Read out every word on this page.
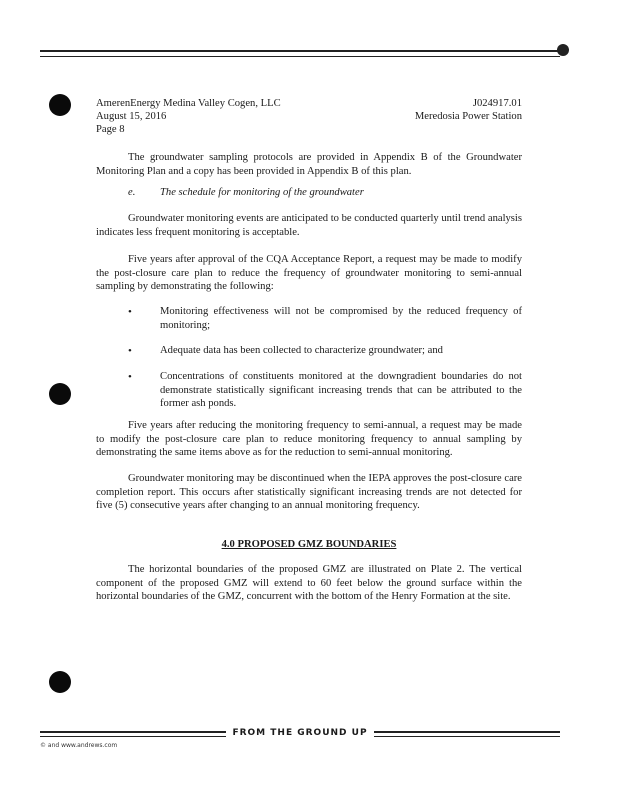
AmerenEnergy Medina Valley Cogen, LLC
August 15, 2016
Page 8
J024917.01
Meredosia Power Station
The groundwater sampling protocols are provided in Appendix B of the Groundwater Monitoring Plan and a copy has been provided in Appendix B of this plan.
e. The schedule for monitoring of the groundwater
Groundwater monitoring events are anticipated to be conducted quarterly until trend analysis indicates less frequent monitoring is acceptable.
Five years after approval of the CQA Acceptance Report, a request may be made to modify the post-closure care plan to reduce the frequency of groundwater monitoring to semi-annual sampling by demonstrating the following:
•	Monitoring effectiveness will not be compromised by the reduced frequency of monitoring;
•	Adequate data has been collected to characterize groundwater; and
•	Concentrations of constituents monitored at the downgradient boundaries do not demonstrate statistically significant increasing trends that can be attributed to the former ash ponds.
Five years after reducing the monitoring frequency to semi-annual, a request may be made to modify the post-closure care plan to reduce monitoring frequency to annual sampling by demonstrating the same items above as for the reduction to semi-annual monitoring.
Groundwater monitoring may be discontinued when the IEPA approves the post-closure care completion report. This occurs after statistically significant increasing trends are not detected for five (5) consecutive years after changing to an annual monitoring frequency.
4.0 PROPOSED GMZ BOUNDARIES
The horizontal boundaries of the proposed GMZ are illustrated on Plate 2. The vertical component of the proposed GMZ will extend to 60 feet below the ground surface within the horizontal boundaries of the GMZ, concurrent with the bottom of the Henry Formation at the site.
FROM THE GROUND UP
© and www.andrews.com
